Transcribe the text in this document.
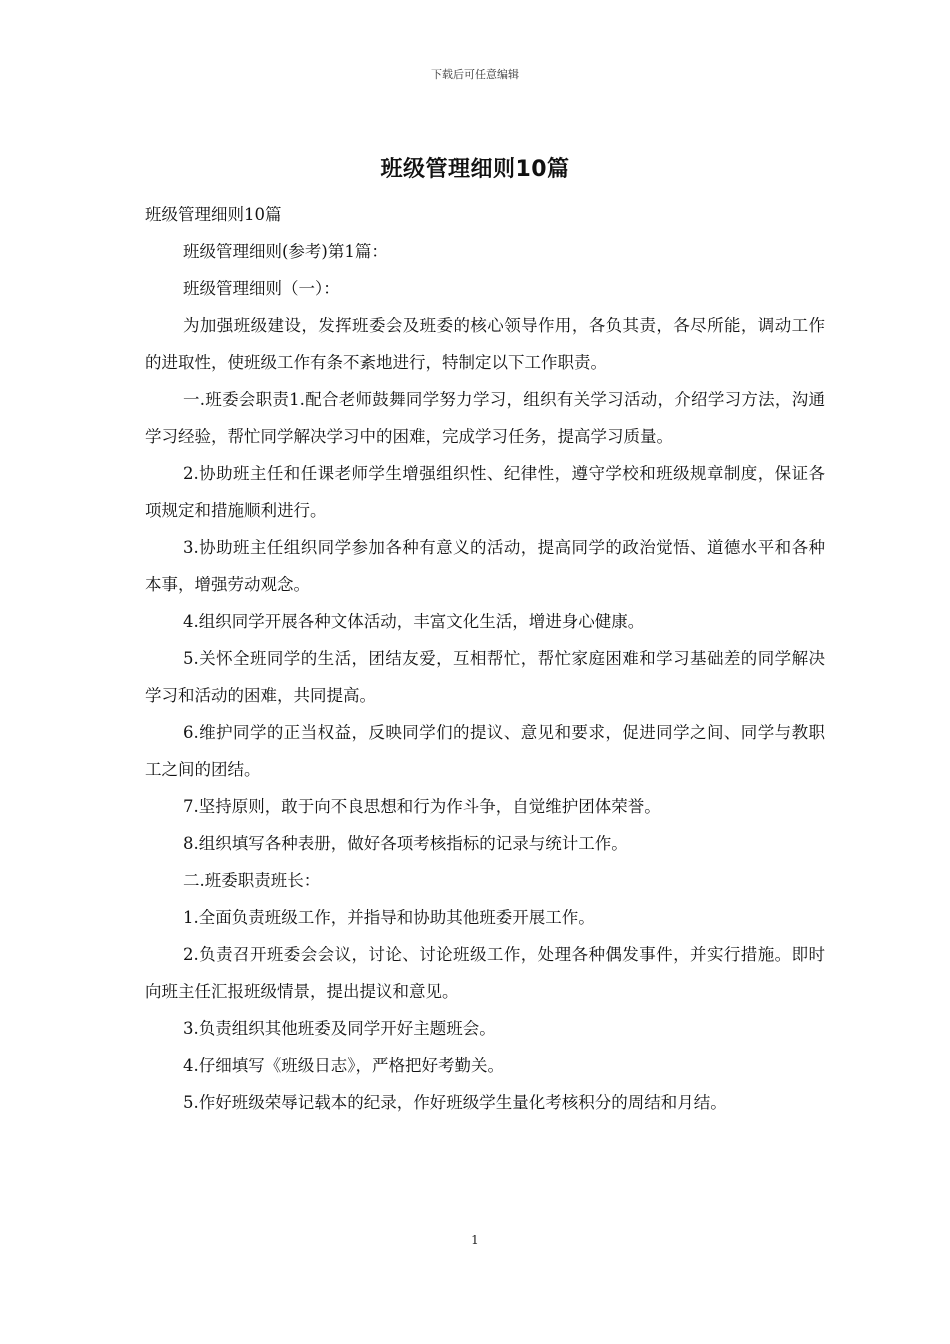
下载后可任意编辑
班级管理细则10篇

班级管理细则10篇

班级管理细则(参考)第1篇：

班级管理细则（一）：

为加强班级建设，发挥班委会及班委的核心领导作用，各负其责，各尽所能，调动工作的进取性，使班级工作有条不紊地进行，特制定以下工作职责。

一.班委会职责1.配合老师鼓舞同学努力学习，组织有关学习活动，介绍学习方法，沟通学习经验，帮忙同学解决学习中的困难，完成学习任务，提高学习质量。

2.协助班主任和任课老师学生增强组织性、纪律性，遵守学校和班级规章制度，保证各项规定和措施顺利进行。

3.协助班主任组织同学参加各种有意义的活动，提高同学的政治觉悟、道德水平和各种本事，增强劳动观念。

4.组织同学开展各种文体活动，丰富文化生活，增进身心健康。

5.关怀全班同学的生活，团结友爱，互相帮忙，帮忙家庭困难和学习基础差的同学解决学习和活动的困难，共同提高。

6.维护同学的正当权益，反映同学们的提议、意见和要求，促进同学之间、同学与教职工之间的团结。

7.坚持原则，敢于向不良思想和行为作斗争，自觉维护团体荣誉。

8.组织填写各种表册，做好各项考核指标的记录与统计工作。

二.班委职责班长：

1.全面负责班级工作，并指导和协助其他班委开展工作。

2.负责召开班委会会议，讨论、讨论班级工作，处理各种偶发事件，并实行措施。即时向班主任汇报班级情景，提出提议和意见。

3.负责组织其他班委及同学开好主题班会。

4.仔细填写《班级日志》，严格把好考勤关。

5.作好班级荣辱记载本的纪录，作好班级学生量化考核积分的周结和月结。

1
